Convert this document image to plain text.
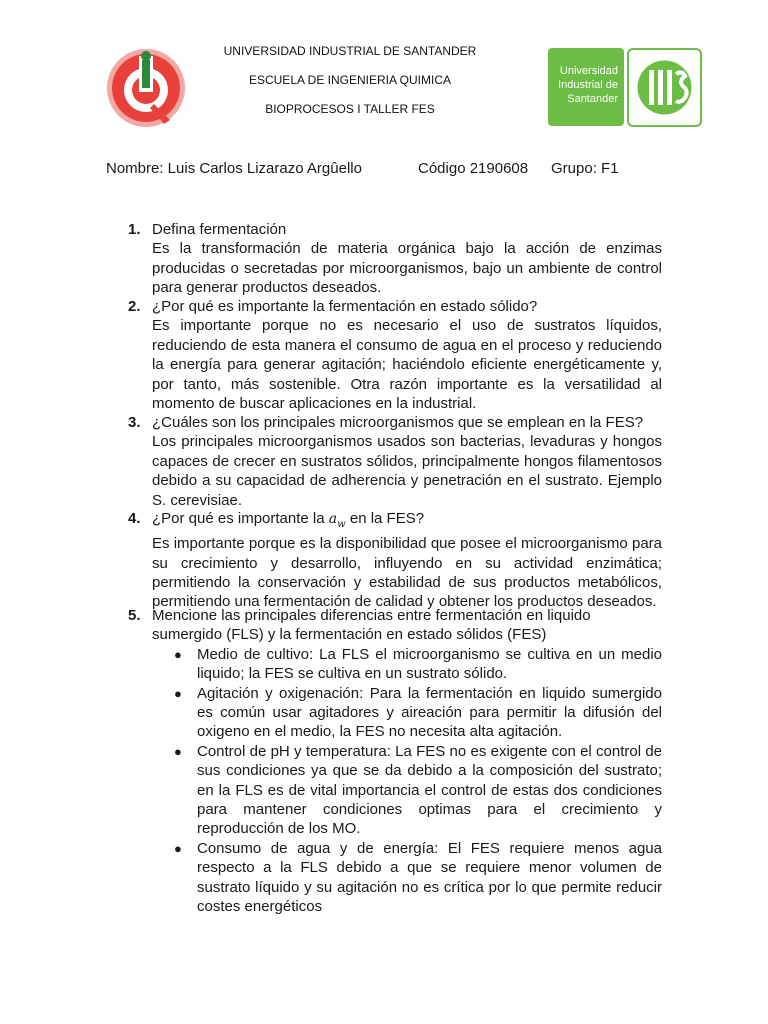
UNIVERSIDAD INDUSTRIAL DE SANTANDER
ESCUELA DE INGENIERIA QUIMICA
BIOPROCESOS I TALLER FES
Universidad
Industrial de
Santander
Nombre: Luis Carlos Lizarazo Argûello	Código 2190608 Grupo: F1
1. Defina fermentación
Es la transformación de materia orgánica bajo la acción de enzimas producidas o secretadas por microorganismos, bajo un ambiente de control para generar productos deseados.
2. ¿Por qué es importante la fermentación en estado sólido?
Es importante porque no es necesario el uso de sustratos líquidos, reduciendo de esta manera el consumo de agua en el proceso y reduciendo la energía para generar agitación; haciéndolo eficiente energéticamente y, por tanto, más sostenible. Otra razón importante es la versatilidad al momento de buscar aplicaciones en la industrial.
3. ¿Cuáles son los principales microorganismos que se emplean en la FES?
Los principales microorganismos usados son bacterias, levaduras y hongos capaces de crecer en sustratos sólidos, principalmente hongos filamentosos debido a su capacidad de adherencia y penetración en el sustrato. Ejemplo S. cerevisiae.
4. ¿Por qué es importante la $a_w$ en la FES?
Es importante porque es la disponibilidad que posee el microorganismo para su crecimiento y desarrollo, influyendo en su actividad enzimática; permitiendo la conservación y estabilidad de sus productos metabólicos, permitiendo una fermentación de calidad y obtener los productos deseados.
5. Mencione las principales diferencias entre fermentación en liquido sumergido (FLS) y la fermentación en estado sólidos (FES)
● Medio de cultivo: La FLS el microorganismo se cultiva en un medio liquido; la FES se cultiva en un sustrato sólido.
● Agitación y oxigenación: Para la fermentación en liquido sumergido es común usar agitadores y aireación para permitir la difusión del oxigeno en el medio, la FES no necesita alta agitación.
● Control de pH y temperatura: La FES no es exigente con el control de sus condiciones ya que se da debido a la composición del sustrato; en la FLS es de vital importancia el control de estas dos condiciones para mantener condiciones optimas para el crecimiento y reproducción de los MO.
● Consumo de agua y de energía: El FES requiere menos agua respecto a la FLS debido a que se requiere menor volumen de sustrato líquido y su agitación no es crítica por lo que permite reducir costes energéticos
